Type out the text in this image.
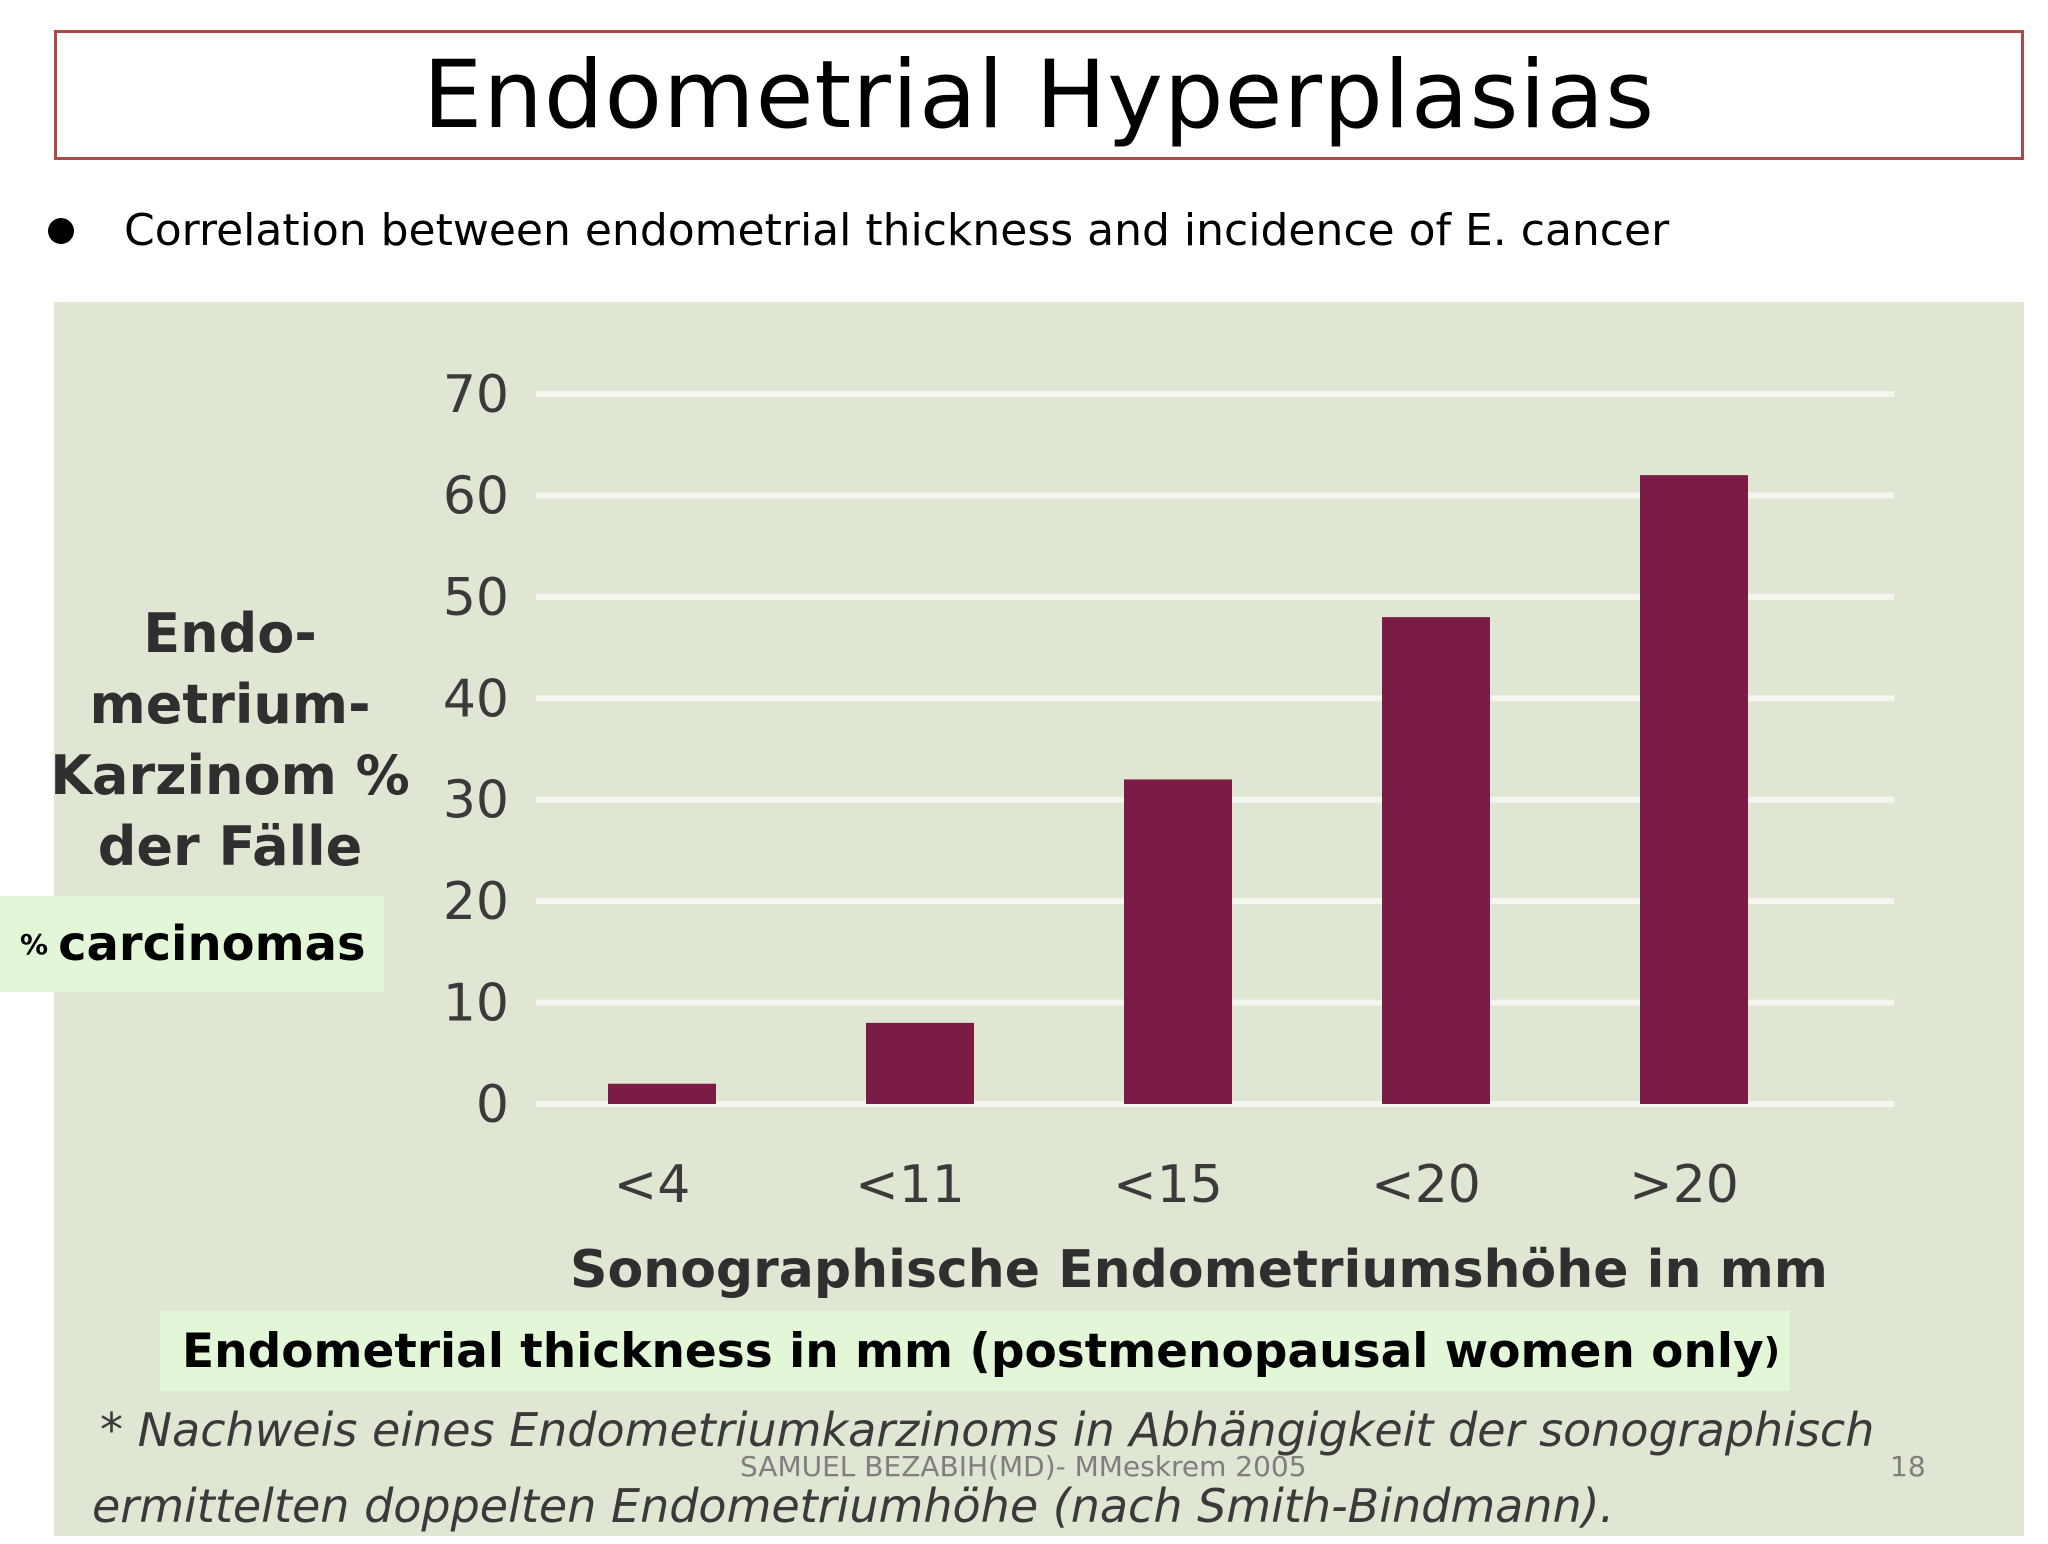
Endometrial Hyperplasias
Correlation between endometrial thickness and incidence of E. cancer
0
10
20
30
40
50
60
70
<4	<11	<15	<20	>20
Endo-
metrium-
Karzinom %
der Fälle
Sonographische Endometriumshöhe in mm
* Nachweis eines Endometriumkarzinoms in Abhängigkeit der sonographisch
ermittelten doppelten Endometriumhöhe (nach Smith-Bindmann).
% carcinomas
Endometrial thickness in mm (postmenopausal women only )
SAMUEL BEZABIH(MD)- MMeskrem 2005	18
